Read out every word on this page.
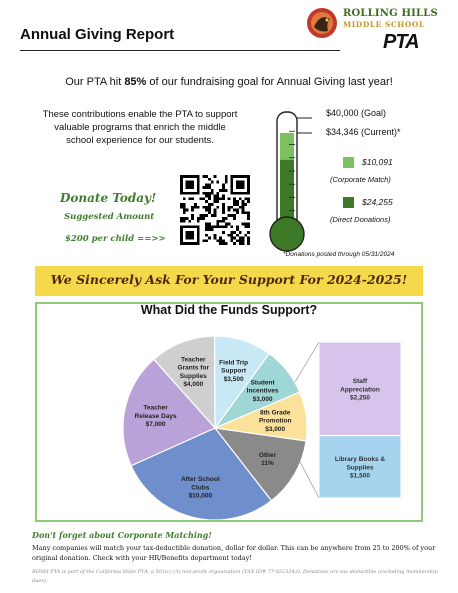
Annual Giving Report
ROLLING HILLS
MIDDLE SCHOOL
PTA
Our PTA hit 85% of our fundraising goal for Annual Giving last year!
These contributions enable the PTA to support valuable programs that enrich the middle school experience for our students.
Donate Today!
Suggested Amount
$200 per child ==>>
$40,000 (Goal)
$34,346 (Current)*
$10,091
(Corporate Match)
$24,255
(Direct Donations)
*Donations posted through 05/31/2024
We Sincerely Ask For Your Support For 2024-2025!
What Did the Funds Support?
Student Incentives $3,000
8th Grade Promotion $3,000
Other 11%
After School Clubs $10,000
Teacher Release Days $7,000
Teacher Grants for Supplies $4,000
Field Trip Support $3,500	Staff Appreciation $2,250
Library Books & Supplies $1,500
Don't forget about Corporate Matching!
Many companies will match your tax-deductible donation, dollar for dollar. This can be anywhere from 25 to 200% of your original donation. Check with your HR/Benefits department today!
RHMS PTA is part of the California State PTA, a 501(c) (3) non-profit organization (TAX ID# 77-0223243). Donations are tax deductible (excluding membership dues).
